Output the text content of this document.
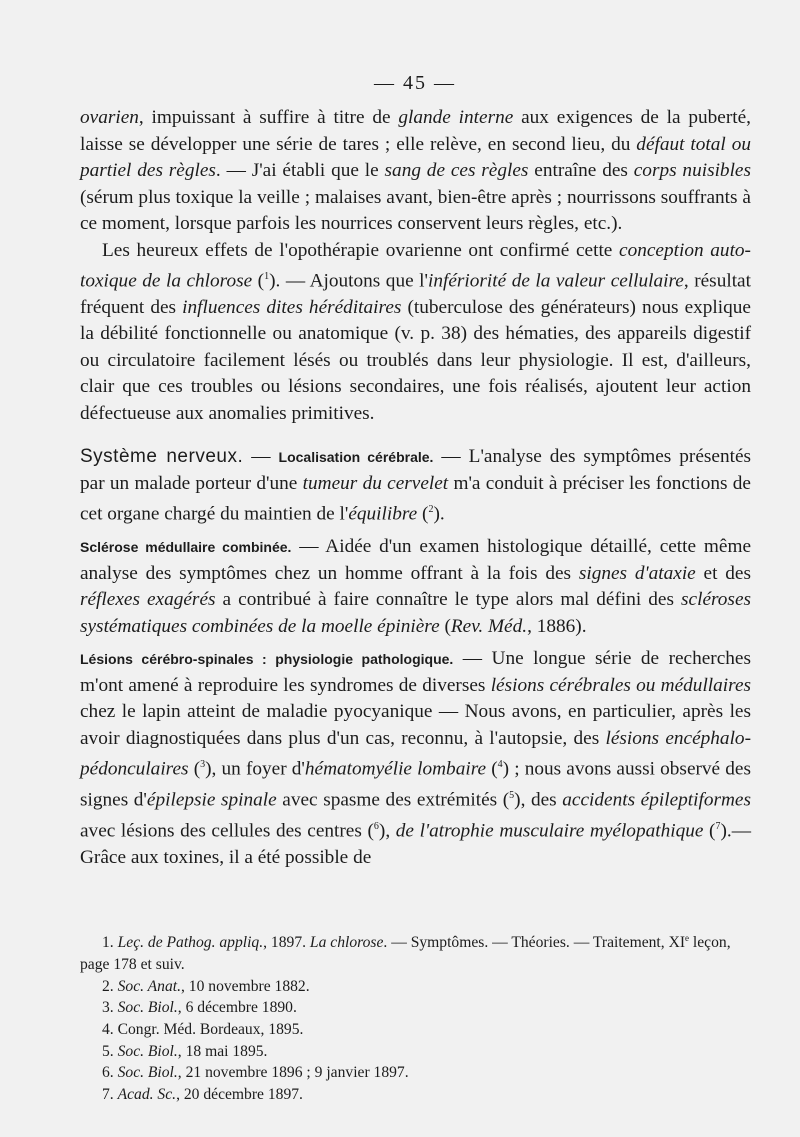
— 45 —

ovarien, impuissant à suffire à titre de glande interne aux exigences de la puberté, laisse se développer une série de tares ; elle relève, en second lieu, du défaut total ou partiel des règles. — J'ai établi que le sang de ces règles entraîne des corps nuisibles (sérum plus toxique la veille ; malaises avant, bien-être après ; nourrissons souffrants à ce moment, lorsque parfois les nourrices conservent leurs règles, etc.).

Les heureux effets de l'opothérapie ovarienne ont confirmé cette conception auto-toxique de la chlorose ($^1$). — Ajoutons que l'infériorité de la valeur cellulaire, résultat fréquent des influences dites héréditaires (tuberculose des générateurs) nous explique la débilité fonctionnelle ou anatomique (v. p. 38) des hématies, des appareils digestif ou circulatoire facilement lésés ou troublés dans leur physiologie. Il est, d'ailleurs, clair que ces troubles ou lésions secondaires, une fois réalisés, ajoutent leur action défectueuse aux anomalies primitives.

Système nerveux. — Localisation cérébrale. — L'analyse des symptômes présentés par un malade porteur d'une tumeur du cervelet m'a conduit à préciser les fonctions de cet organe chargé du maintien de l'équilibre ($^2$).

Sclérose médullaire combinée. — Aidée d'un examen histologique détaillé, cette même analyse des symptômes chez un homme offrant à la fois des signes d'ataxie et des réflexes exagérés a contribué à faire connaître le type alors mal défini des scléroses systématiques combinées de la moelle épinière (Rev. Méd., 1886).

Lésions cérébro-spinales : physiologie pathologique. — Une longue série de recherches m'ont amené à reproduire les syndromes de diverses lésions cérébrales ou médullaires chez le lapin atteint de maladie pyocyanique — Nous avons, en particulier, après les avoir diagnostiquées dans plus d'un cas, reconnu, à l'autopsie, des lésions encéphalo-pédonculaires ($^3$), un foyer d'hématomyélie lombaire ($^4$) ; nous avons aussi observé des signes d'épilepsie spinale avec spasme des extrémités ($^5$), des accidents épileptiformes avec lésions des cellules des centres ($^6$), de l'atrophie musculaire myélopathique ($^7$).— Grâce aux toxines, il a été possible de

1. Leç. de Pathog. appliq., 1897. La chlorose. — Symptômes. — Théories. — Traitement, XIe leçon, page 178 et suiv.
2. Soc. Anat., 10 novembre 1882.
3. Soc. Biol., 6 décembre 1890.
4. Congr. Méd. Bordeaux, 1895.
5. Soc. Biol., 18 mai 1895.
6. Soc. Biol., 21 novembre 1896 ; 9 janvier 1897.
7. Acad. Sc., 20 décembre 1897.
